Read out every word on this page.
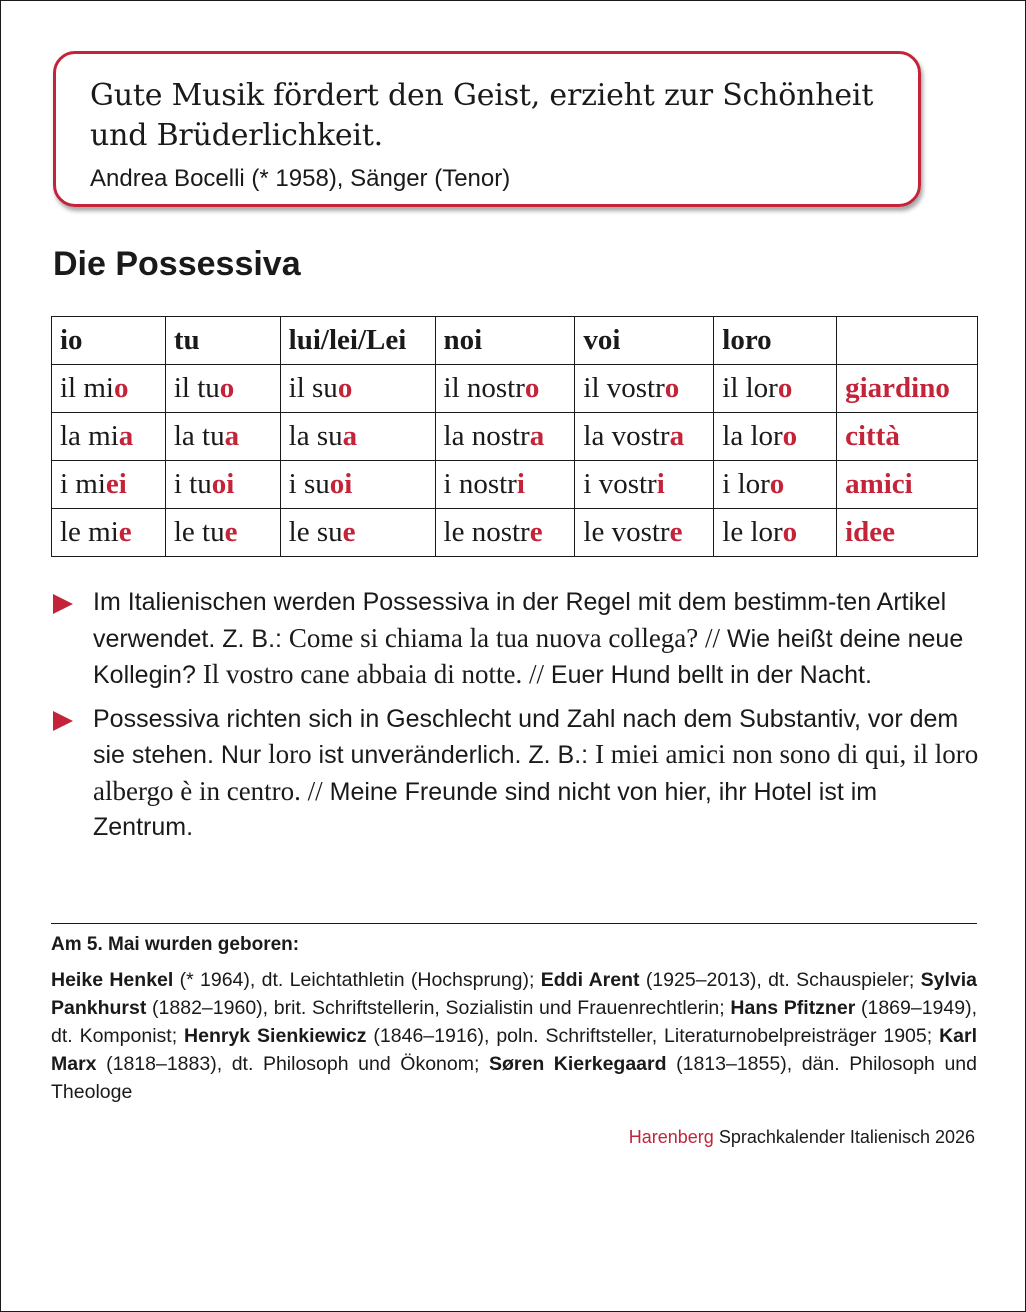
Gute Musik fördert den Geist, erzieht zur Schönheit und Brüderlichkeit.

Andrea Bocelli (* 1958), Sänger (Tenor)
Die Possessiva
io	tu	lui/lei/Lei	noi	voi	loro	
il mio	il tuo	il suo	il nostro	il vostro	il loro	giardino
la mia	la tua	la sua	la nostra	la vostra	la loro	città
i miei	i tuoi	i suoi	i nostri	i vostri	i loro	amici
le mie	le tue	le sue	le nostre	le vostre	le loro	idee
Im Italienischen werden Possessiva in der Regel mit dem bestimm-ten Artikel verwendet. Z. B.: Come si chiama la tua nuova collega? // Wie heißt deine neue Kollegin? Il vostro cane abbaia di notte. // Euer Hund bellt in der Nacht.
Possessiva richten sich in Geschlecht und Zahl nach dem Substantiv, vor dem sie stehen. Nur loro ist unveränderlich. Z. B.: I miei amici non sono di qui, il loro albergo è in centro. // Meine Freunde sind nicht von hier, ihr Hotel ist im Zentrum.
Am 5. Mai wurden geboren:
Heike Henkel (* 1964), dt. Leichtathletin (Hochsprung); Eddi Arent (1925–2013), dt. Schauspieler; Sylvia Pankhurst (1882–1960), brit. Schriftstellerin, Sozialistin und Frauenrechtlerin; Hans Pfitzner (1869–1949), dt. Komponist; Henryk Sienkiewicz (1846–1916), poln. Schriftsteller, Literaturnobelpreisträger 1905; Karl Marx (1818–1883), dt. Philosoph und Ökonom; Søren Kierkegaard (1813–1855), dän. Philosoph und Theologe
Harenberg Sprachkalender Italienisch 2026
